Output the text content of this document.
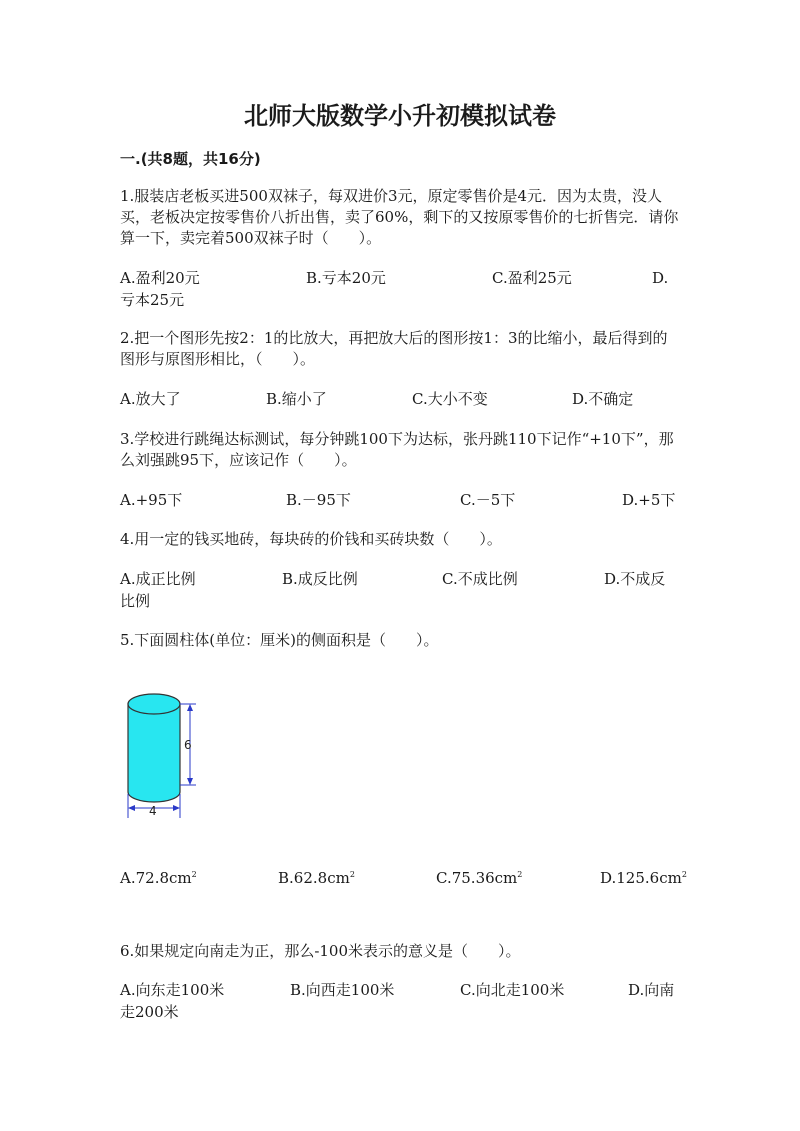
北师大版数学小升初模拟试卷
一.(共8题，共16分)
1.服装店老板买进500双袜子，每双进价3元，原定零售价是4元．因为太贵，没人买，老板决定按零售价八折出售，卖了60%，剩下的又按原零售价的七折售完．请你算一下，卖完着500双袜子时（　　）。
A.盈利20元	B.亏本20元	C.盈利25元	D.
亏本25元
2.把一个图形先按2：1的比放大，再把放大后的图形按1：3的比缩小，最后得到的图形与原图形相比，（　　）。
A.放大了	B.缩小了	C.大小不变	D.不确定
3.学校进行跳绳达标测试，每分钟跳100下为达标，张丹跳110下记作“+10下”，那么刘强跳95下，应该记作（　　）。
A.+95下	B.－95下	C.－5下	D.+5下
4.用一定的钱买地砖，每块砖的价钱和买砖块数（　　）。
A.成正比例	B.成反比例	C.不成比例	D.不成反
比例
5.下面圆柱体(单位：厘米)的侧面积是（　　）。
6
4
$A.72.8cm^2$	$B.62.8cm^2$	$C.75.36cm^2$	$D.125.6cm^2$
6.如果规定向南走为正，那么-100米表示的意义是（　　）。
A.向东走100米	B.向西走100米	C.向北走100米	D.向南
走200米
